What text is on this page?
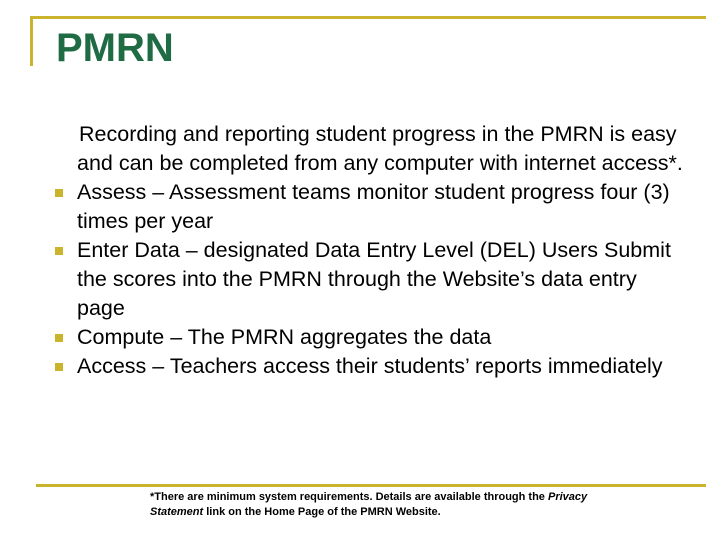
PMRN
Recording and reporting student progress in the PMRN is easy and can be completed from any computer with internet access*.
Assess – Assessment teams monitor student progress four (3) times per year
Enter Data – designated Data Entry Level (DEL) Users Submit the scores into the PMRN through the Website’s data entry page
Compute – The PMRN aggregates the data
Access – Teachers access their students’ reports immediately
*There are minimum system requirements. Details are available through the Privacy Statement link on the Home Page of the PMRN Website.
